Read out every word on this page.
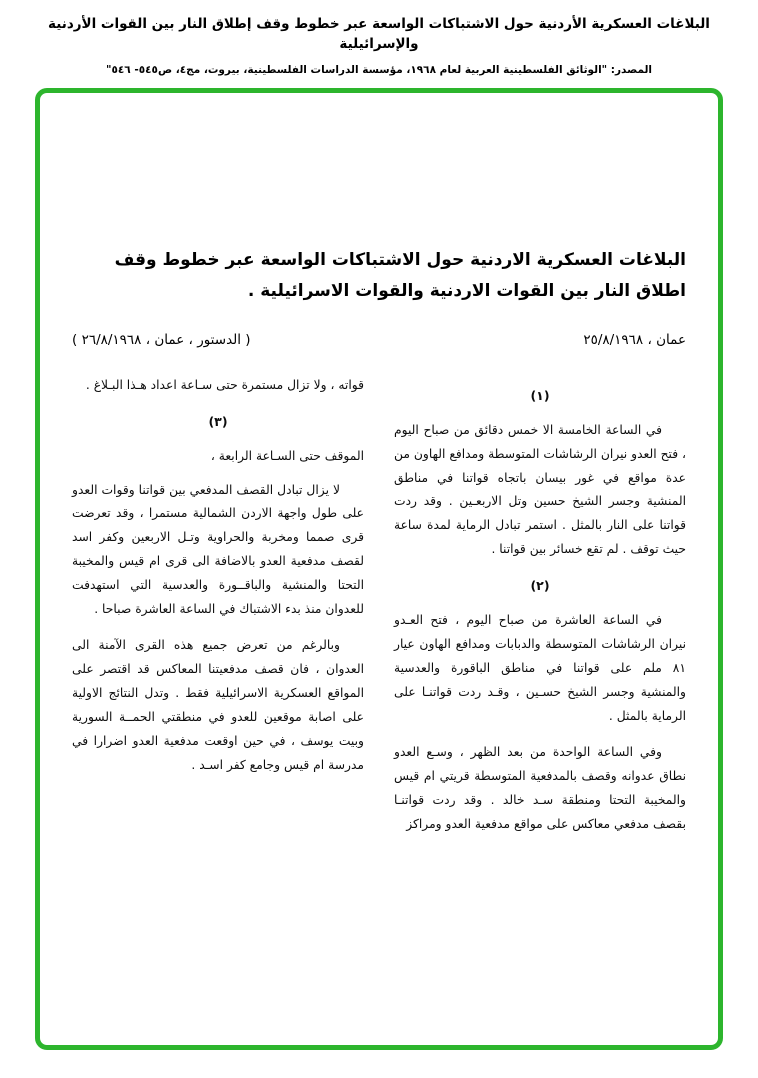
البلاغات العسكرية الأردنية حول الاشتباكات الواسعة عبر خطوط وقف إطلاق النار بين القوات الأردنية والإسرائيلية
المصدر: "الوثائق الفلسطينية العربية لعام ١٩٦٨، مؤسسة الدراسات الفلسطينية، بيروت، مج٤، ص٥٤٥- ٥٤٦"
البلاغات العسكرية الاردنية حول الاشتباكات الواسعة عبر خطوط وقف اطلاق النار بين القوات الاردنية والقوات الاسرائيلية .
عمان ، ٢٥/٨/١٩٦٨
( الدستور ، عمان ، ٢٦/٨/١٩٦٨ )
(١)

في الساعة الخامسة الا خمس دقائق من صباح اليوم ، فتح العدو نيران الرشاشات المتوسطة ومدافع الهاون من عدة مواقع في غور بيسان باتجاه قواتنا في مناطق المنشية وجسر الشيخ حسين وتل الاربعـين . وقد ردت قواتنا على النار بالمثل . استمر تبادل الرماية لمدة ساعة حيث توقف . لم تقع خسائر بين قواتنا .

(٢)

في الساعة العاشرة من صباح اليوم ، فتح العـدو نيران الرشاشات المتوسطة والدبابات ومدافع الهاون عيار ٨١ ملم على قواتنا في مناطق الباقورة والعدسية والمنشية وجسر الشيخ حسـين ، وقـد ردت قواتنـا على الرماية بالمثل .

وفي الساعة الواحدة من بعد الظهر ، وسـع العدو نطاق عدوانه وقصف بالمدفعية المتوسطة قريتي ام قيس والمخيبة التحتا ومنطقة سـد خالد . وقد ردت قواتنـا بقصف مدفعي معاكس على مواقع مدفعية العدو ومراكز

قواته ، ولا تزال مستمرة حتى سـاعة اعداد هـذا البـلاغ .

(٣)
الموقف حتى السـاعة الرابعة ،

لا يزال تبادل القصف المدفعي بين قواتنا وقوات العدو على طول واجهة الاردن الشمالية مستمرا ، وقد تعرضت قرى صمما ومخربة والحراوية وتـل الاربعين وكفر اسد لقصف مدفعية العدو بالاضافة الى قرى ام قيس والمخيبة التحتا والمنشية والباقــورة والعدسية التي استهدفت للعدوان منذ بدء الاشتباك في الساعة العاشرة صباحا .

وبالرغم من تعرض جميع هذه القرى الآمنة الى العدوان ، فان قصف مدفعيتنا المعاكس قد اقتصر على المواقع العسكرية الاسرائيلية فقط . وتدل النتائج الاولية على اصابة موقعين للعدو في منطقتي الحمــة السورية وبيت يوسف ، في حين اوقعت مدفعية العدو اضرارا في مدرسة ام قيس وجامع كفر اسـد .
